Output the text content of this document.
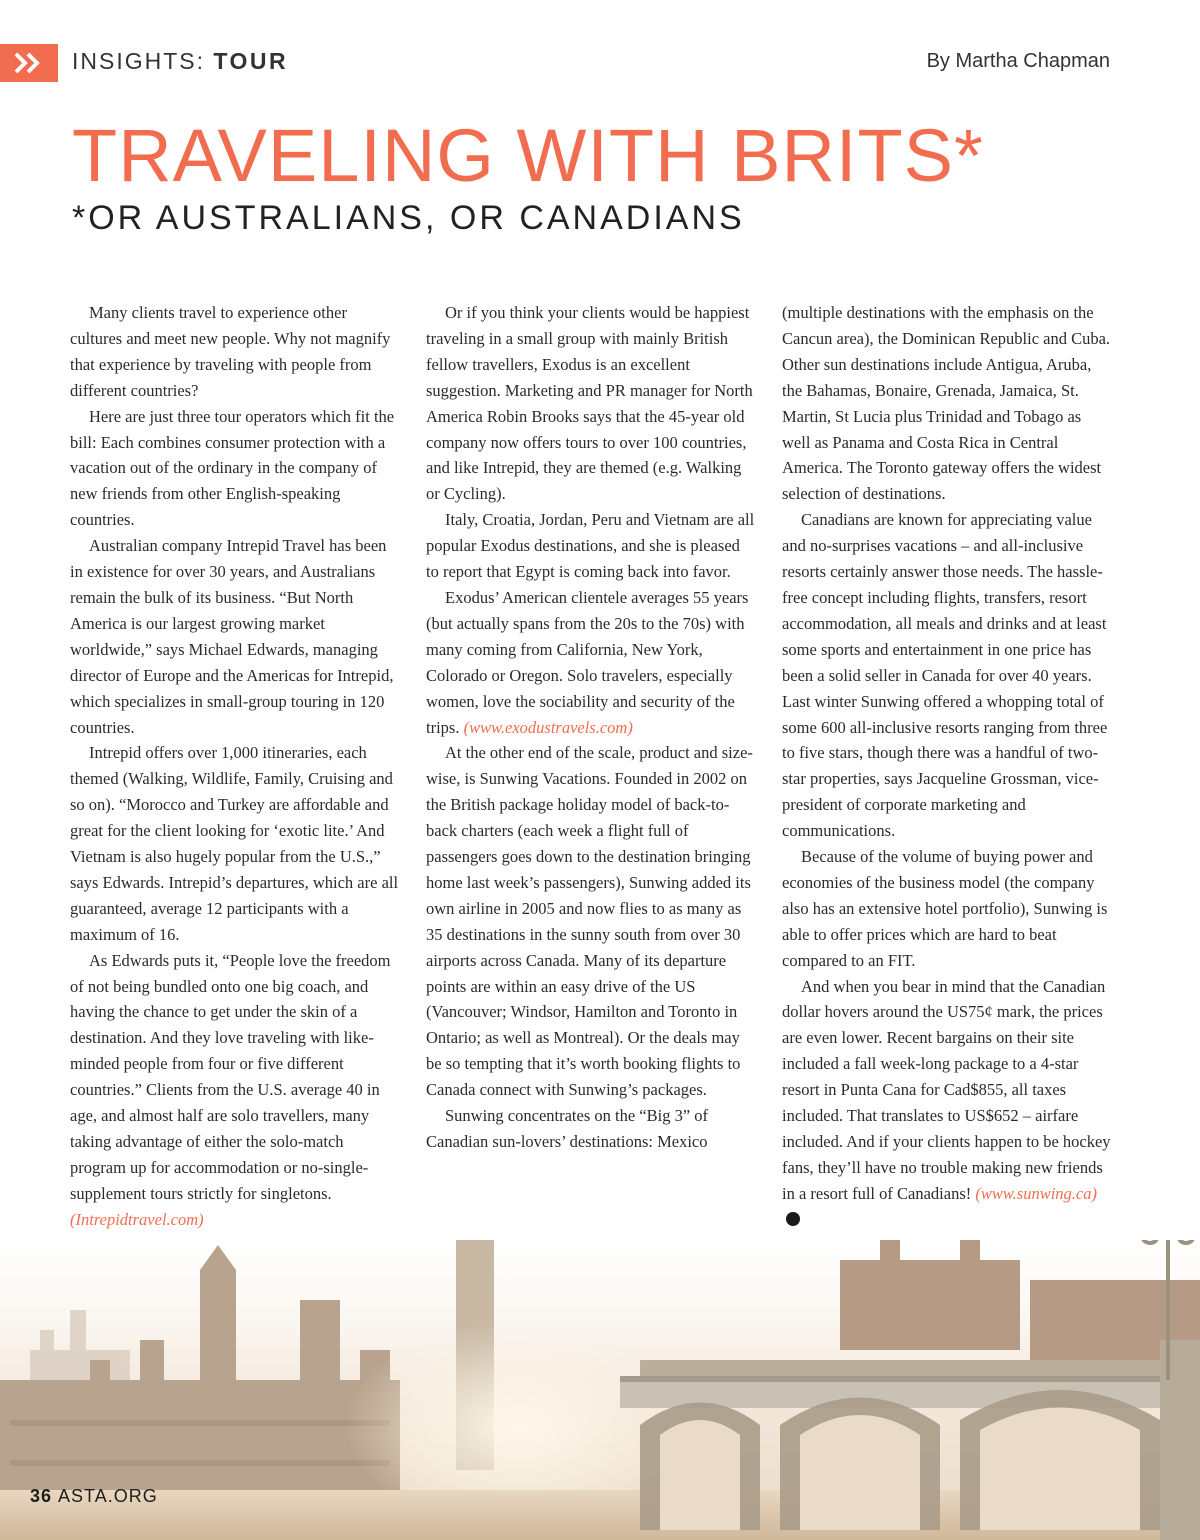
INSIGHTS: TOUR	By Martha Chapman
TRAVELING WITH BRITS*
*OR AUSTRALIANS, OR CANADIANS

Many clients travel to experience other cultures and meet new people. Why not magnify that experience by traveling with people from different countries?

Here are just three tour operators which fit the bill: Each combines consumer protection with a vacation out of the ordinary in the company of new friends from other English-speaking countries.

Australian company Intrepid Travel has been in existence for over 30 years, and Australians remain the bulk of its business. “But North America is our largest growing market worldwide,” says Michael Edwards, managing director of Europe and the Americas for Intrepid, which specializes in small-group touring in 120 countries.

Intrepid offers over 1,000 itineraries, each themed (Walking, Wildlife, Family, Cruising and so on). “Morocco and Turkey are affordable and great for the client looking for ‘exotic lite.’ And Vietnam is also hugely popular from the U.S.,” says Edwards. Intrepid’s departures, which are all guaranteed, average 12 participants with a maximum of 16.

As Edwards puts it, “People love the freedom of not being bundled onto one big coach, and having the chance to get under the skin of a destination. And they love traveling with like-minded people from four or five different countries.” Clients from the U.S. average 40 in age, and almost half are solo travellers, many taking advantage of either the solo-match program up for accommodation or no-single-supplement tours strictly for singletons. (Intrepidtravel.com)

Or if you think your clients would be happiest traveling in a small group with mainly British fellow travellers, Exodus is an excellent suggestion. Marketing and PR manager for North America Robin Brooks says that the 45-year old company now offers tours to over 100 countries, and like Intrepid, they are themed (e.g. Walking or Cycling).

Italy, Croatia, Jordan, Peru and Vietnam are all popular Exodus destinations, and she is pleased to report that Egypt is coming back into favor.

Exodus’ American clientele averages 55 years (but actually spans from the 20s to the 70s) with many coming from California, New York, Colorado or Oregon. Solo travelers, especially women, love the sociability and security of the trips. (www.exodustravels.com)

At the other end of the scale, product and size-wise, is Sunwing Vacations. Founded in 2002 on the British package holiday model of back-to-back charters (each week a flight full of passengers goes down to the destination bringing home last week’s passengers), Sunwing added its own airline in 2005 and now flies to as many as 35 destinations in the sunny south from over 30 airports across Canada. Many of its departure points are within an easy drive of the US (Vancouver; Windsor, Hamilton and Toronto in Ontario; as well as Montreal). Or the deals may be so tempting that it’s worth booking flights to Canada connect with Sunwing’s packages.

Sunwing concentrates on the “Big 3” of Canadian sun-lovers’ destinations: Mexico

(multiple destinations with the emphasis on the Cancun area), the Dominican Republic and Cuba. Other sun destinations include Antigua, Aruba, the Bahamas, Bonaire, Grenada, Jamaica, St. Martin, St Lucia plus Trinidad and Tobago as well as Panama and Costa Rica in Central America. The Toronto gateway offers the widest selection of destinations.

Canadians are known for appreciating value and no-surprises vacations – and all-inclusive resorts certainly answer those needs. The hassle-free concept including flights, transfers, resort accommodation, all meals and drinks and at least some sports and entertainment in one price has been a solid seller in Canada for over 40 years. Last winter Sunwing offered a whopping total of some 600 all-inclusive resorts ranging from three to five stars, though there was a handful of two-star properties, says Jacqueline Grossman, vice-president of corporate marketing and communications.

Because of the volume of buying power and economies of the business model (the company also has an extensive hotel portfolio), Sunwing is able to offer prices which are hard to beat compared to an FIT.

And when you bear in mind that the Canadian dollar hovers around the US75¢ mark, the prices are even lower. Recent bargains on their site included a fall week-long package to a 4-star resort in Punta Cana for Cad$855, all taxes included. That translates to US$652 – airfare included. And if your clients happen to be hockey fans, they’ll have no trouble making new friends in a resort full of Canadians! (www.sunwing.ca)

36 ASTA.ORG
